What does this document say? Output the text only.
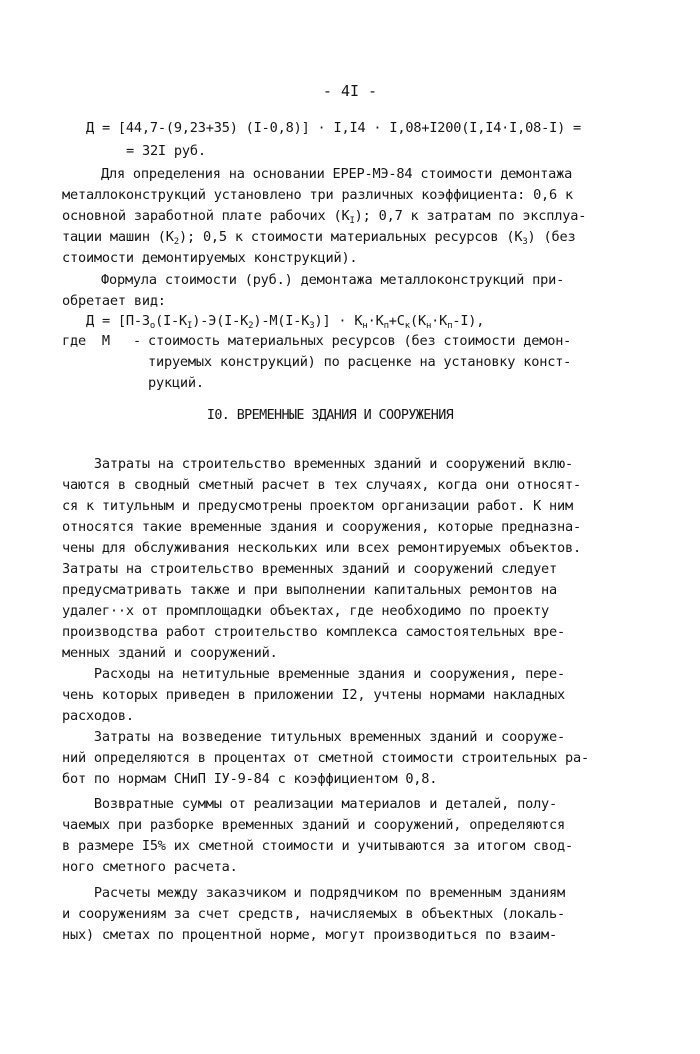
- 4I -
Д = [44,7-(9,23+35) (I-0,8)] · I,I4 · I,08+I200(I,I4·I,08-I) =
= 32I руб.
Для определения на основании ЕРЕР-МЭ-84 стоимости демонтажа
металлоконструкций установлено три различных коэффициента: 0,6 к
основной заработной плате рабочих $(К_I)$; 0,7 к затратам по эксплуа-
тации машин $(К_2)$; 0,5 к стоимости материальных ресурсов $(К_3)$ (без
стоимости демонтируемых конструкций).
Формула стоимости (руб.) демонтажа металлоконструкций при-
обретает вид:
$Д = [П-З_о(I-К_I)-Э(I-К_2)-М(I-К_3)] \cdot К_н\cdot К_п+С_к(К_н\cdot К_п-I)$,
где  М - стоимость материальных ресурсов (без стоимости демон-
тируемых конструкций) по расценке на установку конст-
рукций.
I0. ВРЕМЕННЫЕ ЗДАНИЯ И СООРУЖЕНИЯ
Затраты на строительство временных зданий и сооружений вклю-
чаются в сводный сметный расчет в тех случаях, когда они относят-
ся к титульным и предусмотрены проектом организации работ. К ним
относятся такие временные здания и сооружения, которые предназна-
чены для обслуживания нескольких или всех ремонтируемых объектов.
Затраты на строительство временных зданий и сооружений следует
предусматривать также и при выполнении капитальных ремонтов на
удалег··х от промплощадки объектах, где необходимо по проекту
производства работ строительство комплекса самостоятельных вре-
менных зданий и сооружений.
Расходы на нетитульные временные здания и сооружения, пере-
чень которых приведен в приложении I2, учтены нормами накладных
расходов.
Затраты на возведение титульных временных зданий и сооруже-
ний определяются в процентах от сметной стоимости строительных ра-
бот по нормам СНиП IУ-9-84 с коэффициентом 0,8.
Возвратные суммы от реализации материалов и деталей, полу-
чаемых при разборке временных зданий и сооружений, определяются
в размере I5% их сметной стоимости и учитываются за итогом свод-
ного сметного расчета.
Расчеты между заказчиком и подрядчиком по временным зданиям
и сооружениям за счет средств, начисляемых в объектных (локаль-
ных) сметах по процентной норме, могут производиться по взаим-
